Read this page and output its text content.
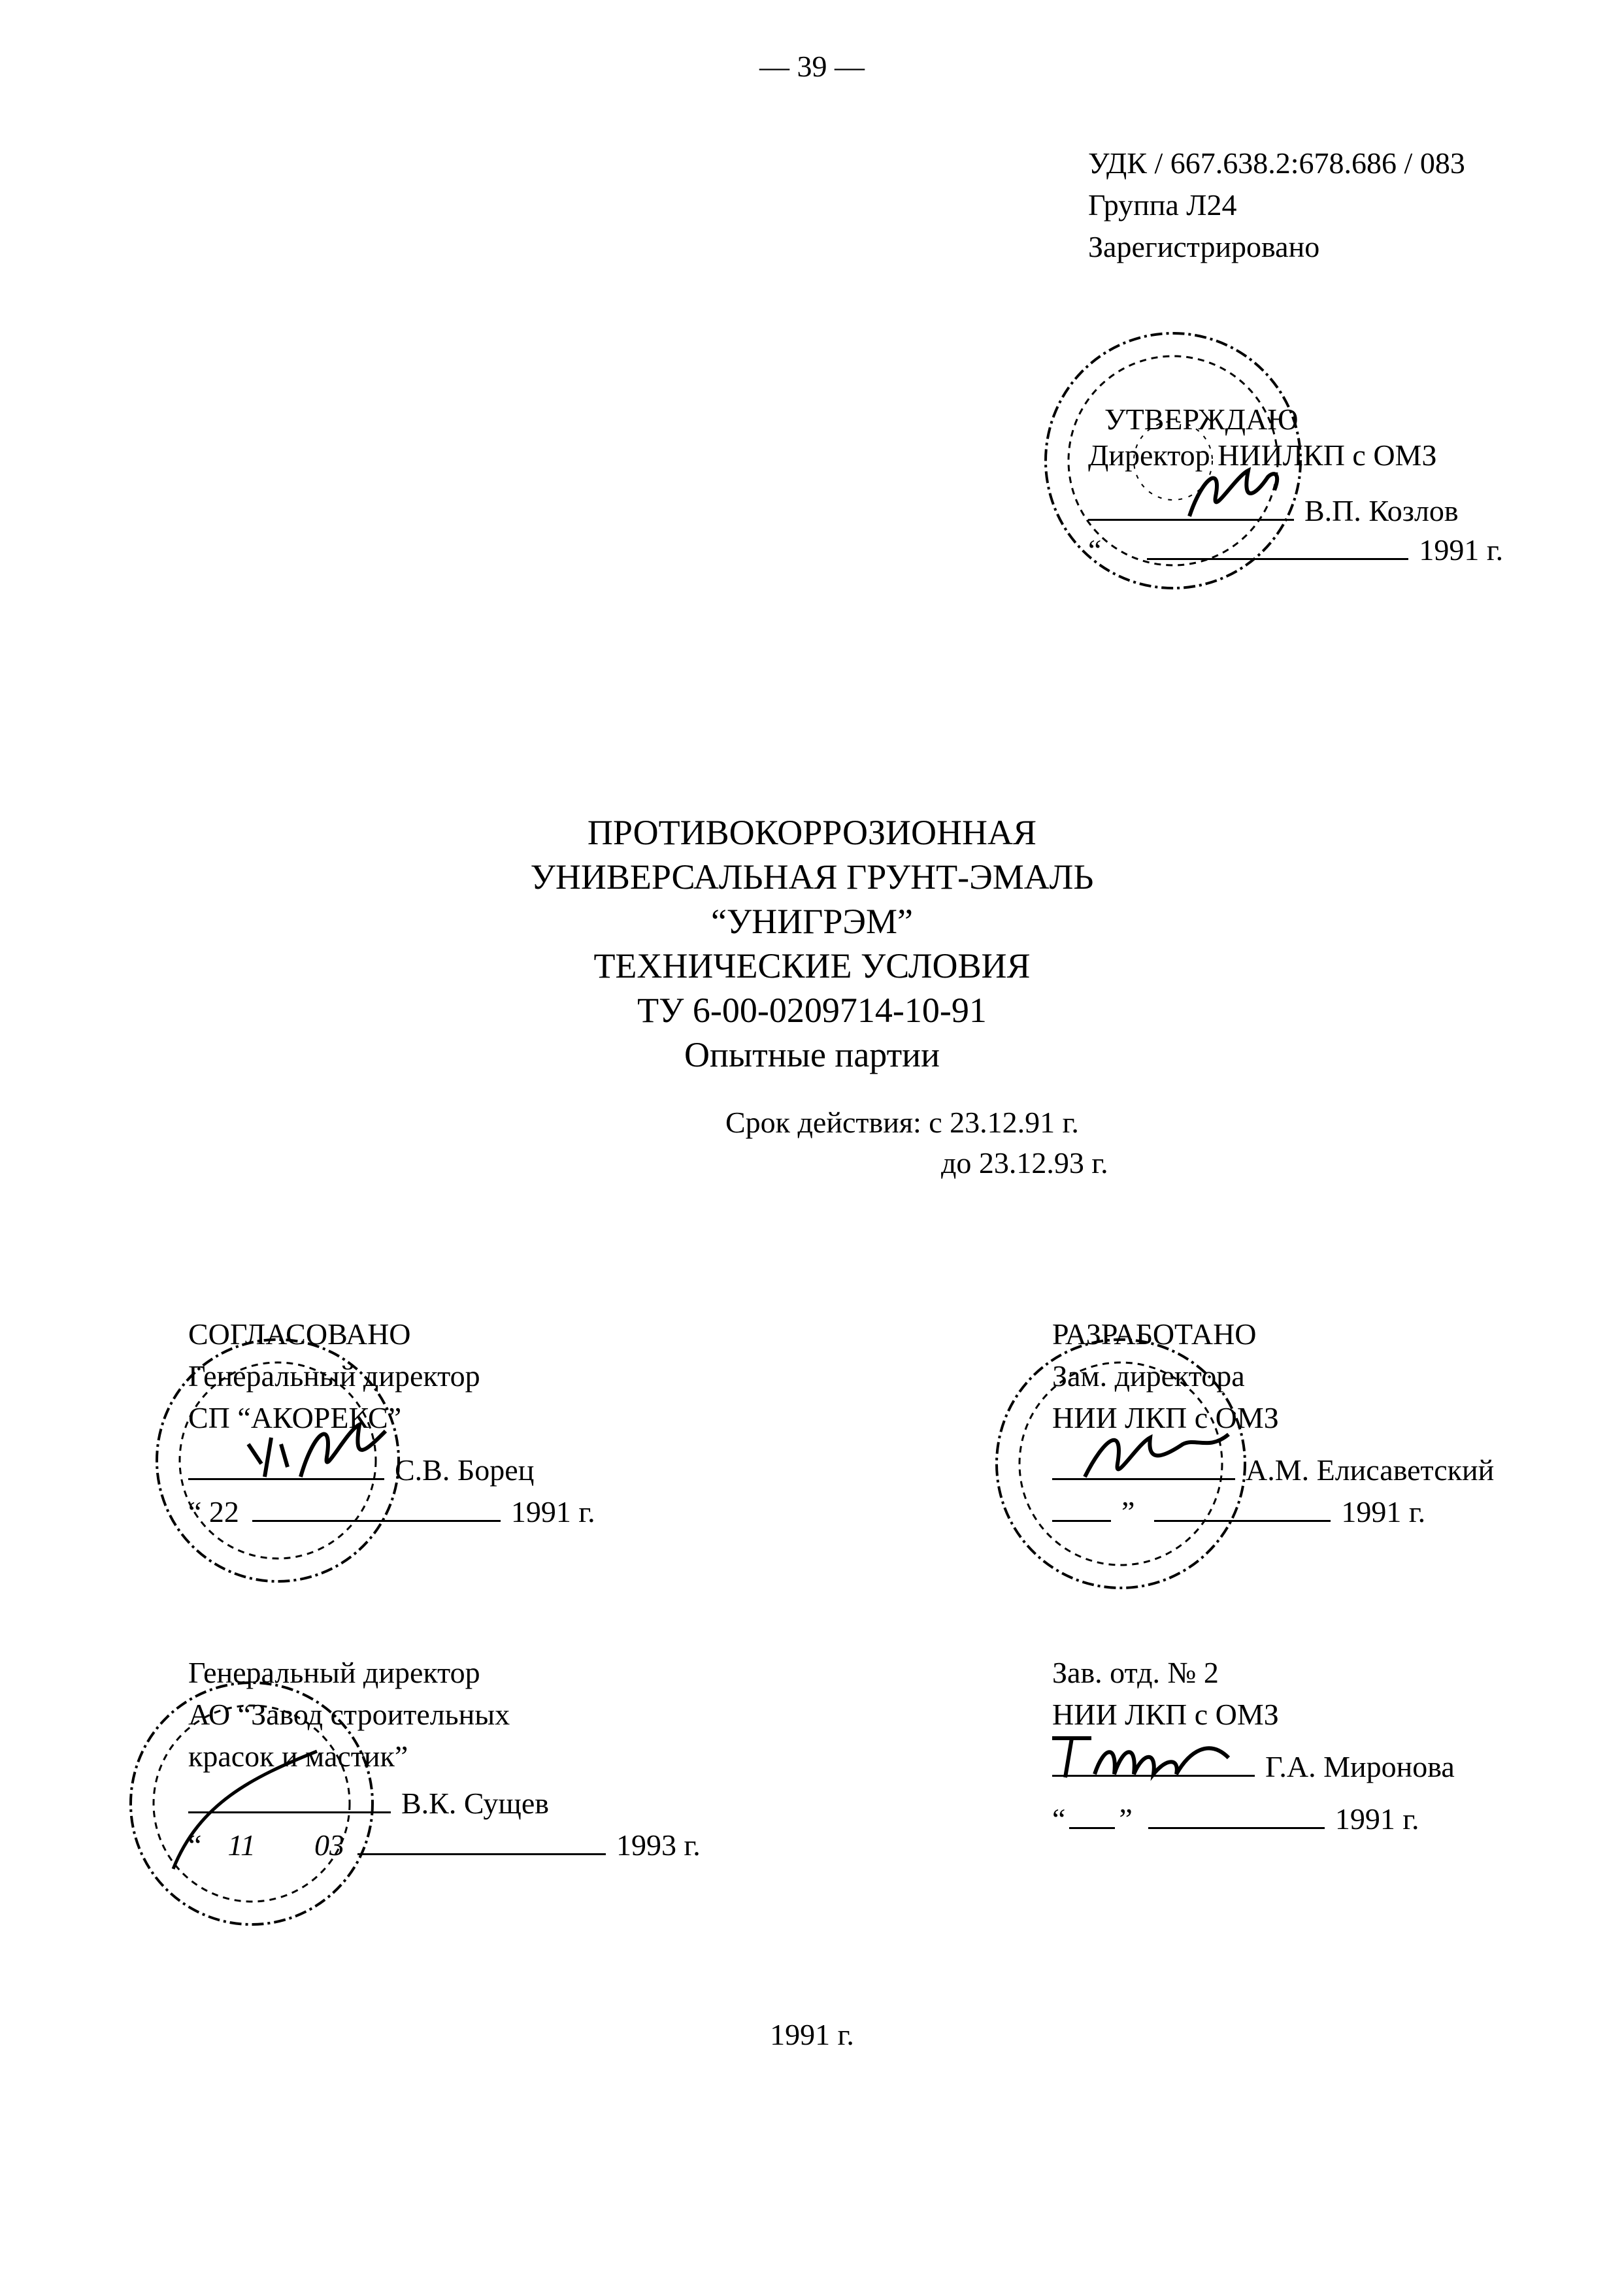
— 39 —
УДК / 667.638.2:678.686 / 083
Группа Л24
Зарегистрировано
УТВЕРЖДАЮ
Директор НИИЛКП с ОМЗ
В.П. Козлов
“	1991 г.
ПРОТИВОКОРРОЗИОННАЯ
УНИВЕРСАЛЬНАЯ ГРУНТ-ЭМАЛЬ
“УНИГРЭМ”
ТЕХНИЧЕСКИЕ УСЛОВИЯ
ТУ 6-00-0209714-10-91
Опытные партии
Срок действия: с 23.12.91 г.
до 23.12.93 г.
СОГЛАСОВАНО
Генеральный директор
СП “АКОРЕКС”
С.В. Борец
“ 22	1991 г.
РАЗРАБОТАНО
Зам. директора
НИИ ЛКП с ОМЗ
А.М. Елисаветский
”	1991 г.
Генеральный директор
АО “Завод строительных
красок и мастик”
В.К. Сущев
“ 11 03	1993 г.
Зав. отд. № 2
НИИ ЛКП с ОМЗ
Г.А. Миронова
“ ”	1991 г.
1991 г.
